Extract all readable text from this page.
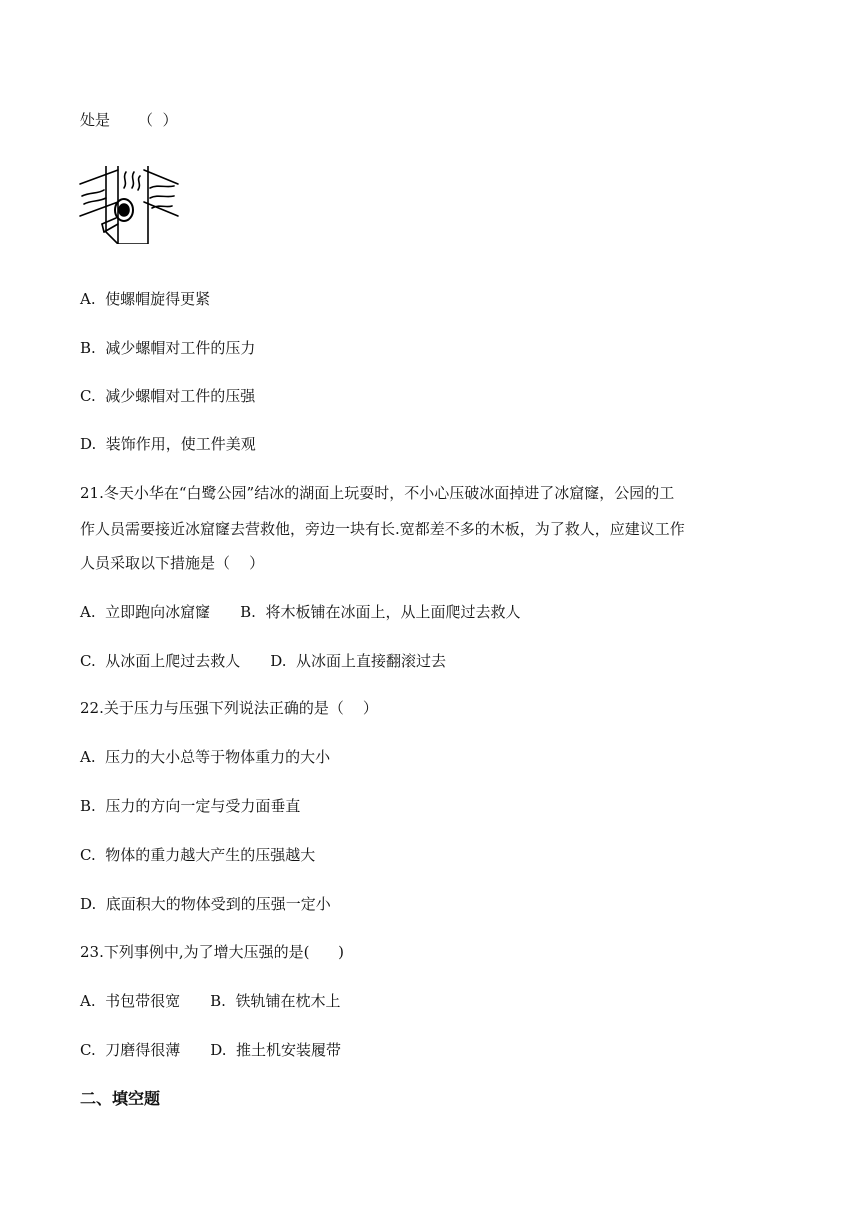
处是 （  ）
A.  使螺帽旋得更紧
B.  减少螺帽对工件的压力
C.  减少螺帽对工件的压强
D.  装饰作用，使工件美观
21.冬天小华在“白鹭公园”结冰的湖面上玩耍时，不小心压破冰面掉进了冰窟窿，公园的工
作人员需要接近冰窟窿去营救他，旁边一块有长.宽都差不多的木板，为了救人，应建议工作
人员采取以下措施是（    ）
A.  立即跑向冰窟窿 B.  将木板铺在冰面上，从上面爬过去救人
C.  从冰面上爬过去救人 D.  从冰面上直接翻滚过去
22.关于压力与压强下列说法正确的是（    ）
A.  压力的大小总等于物体重力的大小
B.  压力的方向一定与受力面垂直
C.  物体的重力越大产生的压强越大
D.  底面积大的物体受到的压强一定小
23.下列事例中,为了增大压强的是(      )
A.  书包带很宽 B.  铁轨铺在枕木上
C.  刀磨得很薄 D.  推土机安装履带
二、填空题
